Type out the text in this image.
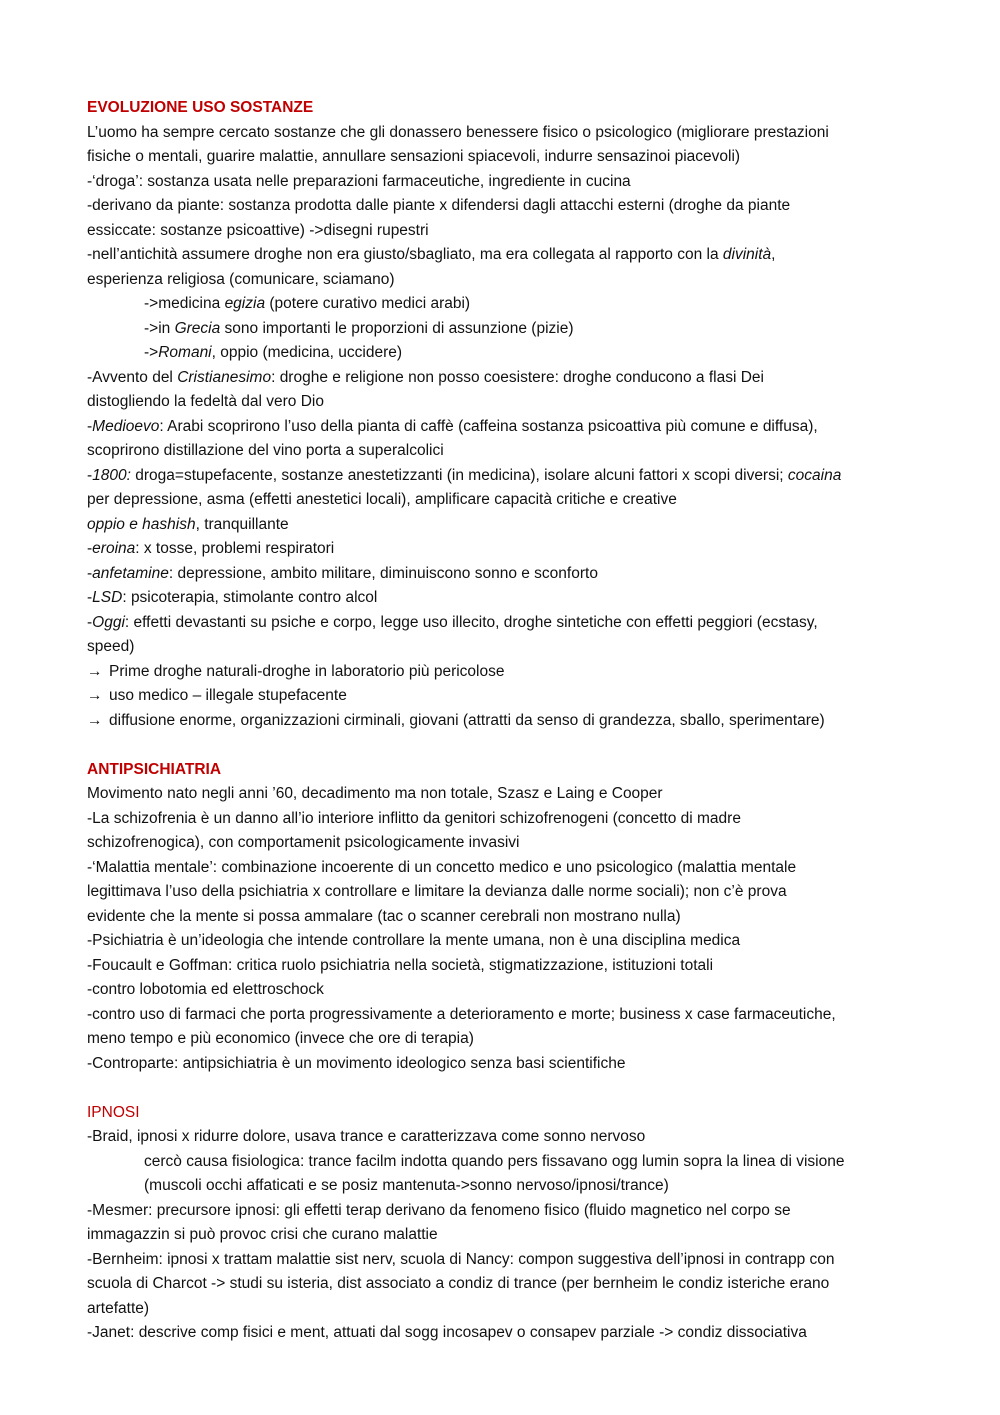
EVOLUZIONE USO SOSTANZE
L’uomo ha sempre cercato sostanze che gli donassero benessere fisico o psicologico (migliorare prestazioni
fisiche o mentali, guarire malattie, annullare sensazioni spiacevoli, indurre sensazinoi piacevoli)
-‘droga’: sostanza usata nelle preparazioni farmaceutiche, ingrediente in cucina
-derivano da piante: sostanza prodotta dalle piante x difendersi dagli attacchi esterni (droghe da piante
essiccate: sostanze psicoattive) ->disegni rupestri
-nell’antichità assumere droghe non era giusto/sbagliato, ma era collegata al rapporto con la divinità,
esperienza religiosa (comunicare, sciamano)
->medicina egizia (potere curativo medici arabi)
->in Grecia sono importanti le proporzioni di assunzione (pizie)
->Romani, oppio (medicina, uccidere)
-Avvento del Cristianesimo: droghe e religione non posso coesistere: droghe conducono a flasi Dei
distogliendo la fedeltà dal vero Dio
-Medioevo: Arabi scoprirono l’uso della pianta di caffè (caffeina sostanza psicoattiva più comune e diffusa),
scoprirono distillazione del vino porta a superalcolici
-1800: droga=stupefacente, sostanze anestetizzanti (in medicina), isolare alcuni fattori x scopi diversi; cocaina
per depressione, asma (effetti anestetici locali), amplificare capacità critiche e creative
oppio e hashish, tranquillante
-eroina: x tosse, problemi respiratori
-anfetamine: depressione, ambito militare, diminuiscono sonno e sconforto
-LSD: psicoterapia, stimolante contro alcol
-Oggi: effetti devastanti su psiche e corpo, legge uso illecito, droghe sintetiche con effetti peggiori (ecstasy,
speed)
→ Prime droghe naturali-droghe in laboratorio più pericolose
→ uso medico – illegale stupefacente
→ diffusione enorme, organizzazioni cirminali, giovani (attratti da senso di grandezza, sballo, sperimentare)
ANTIPSICHIATRIA
Movimento nato negli anni ’60, decadimento ma non totale, Szasz e Laing e Cooper
-La schizofrenia è un danno all’io interiore inflitto da genitori schizofrenogeni (concetto di madre
schizofrenogica), con comportamenit psicologicamente invasivi
-‘Malattia mentale’: combinazione incoerente di un concetto medico e uno psicologico (malattia mentale
legittimava l’uso della psichiatria x controllare e limitare la devianza dalle norme sociali); non c’è prova
evidente che la mente si possa ammalare (tac o scanner cerebrali non mostrano nulla)
-Psichiatria è un’ideologia che intende controllare la mente umana, non è una disciplina medica
-Foucault e Goffman: critica ruolo psichiatria nella società, stigmatizzazione, istituzioni totali
-contro lobotomia ed elettroschock
-contro uso di farmaci che porta progressivamente a deterioramento e morte; business x case farmaceutiche,
meno tempo e più economico (invece che ore di terapia)
-Controparte: antipsichiatria è un movimento ideologico senza basi scientifiche
IPNOSI
-Braid, ipnosi x ridurre dolore, usava trance e caratterizzava come sonno nervoso
cercò causa fisiologica: trance facilm indotta quando pers fissavano ogg lumin sopra la linea di visione
(muscoli occhi affaticati e se posiz mantenuta->sonno nervoso/ipnosi/trance)
-Mesmer: precursore ipnosi: gli effetti terap derivano da fenomeno fisico (fluido magnetico nel corpo se
immagazzin si può provoc crisi che curano malattie
-Bernheim: ipnosi x trattam malattie sist nerv, scuola di Nancy: compon suggestiva dell’ipnosi in contrapp con
scuola di Charcot -> studi su isteria, dist associato a condiz di trance (per bernheim le condiz isteriche erano
artefatte)
-Janet: descrive comp fisici e ment, attuati dal sogg incosapev o consapev parziale -> condiz dissociativa
